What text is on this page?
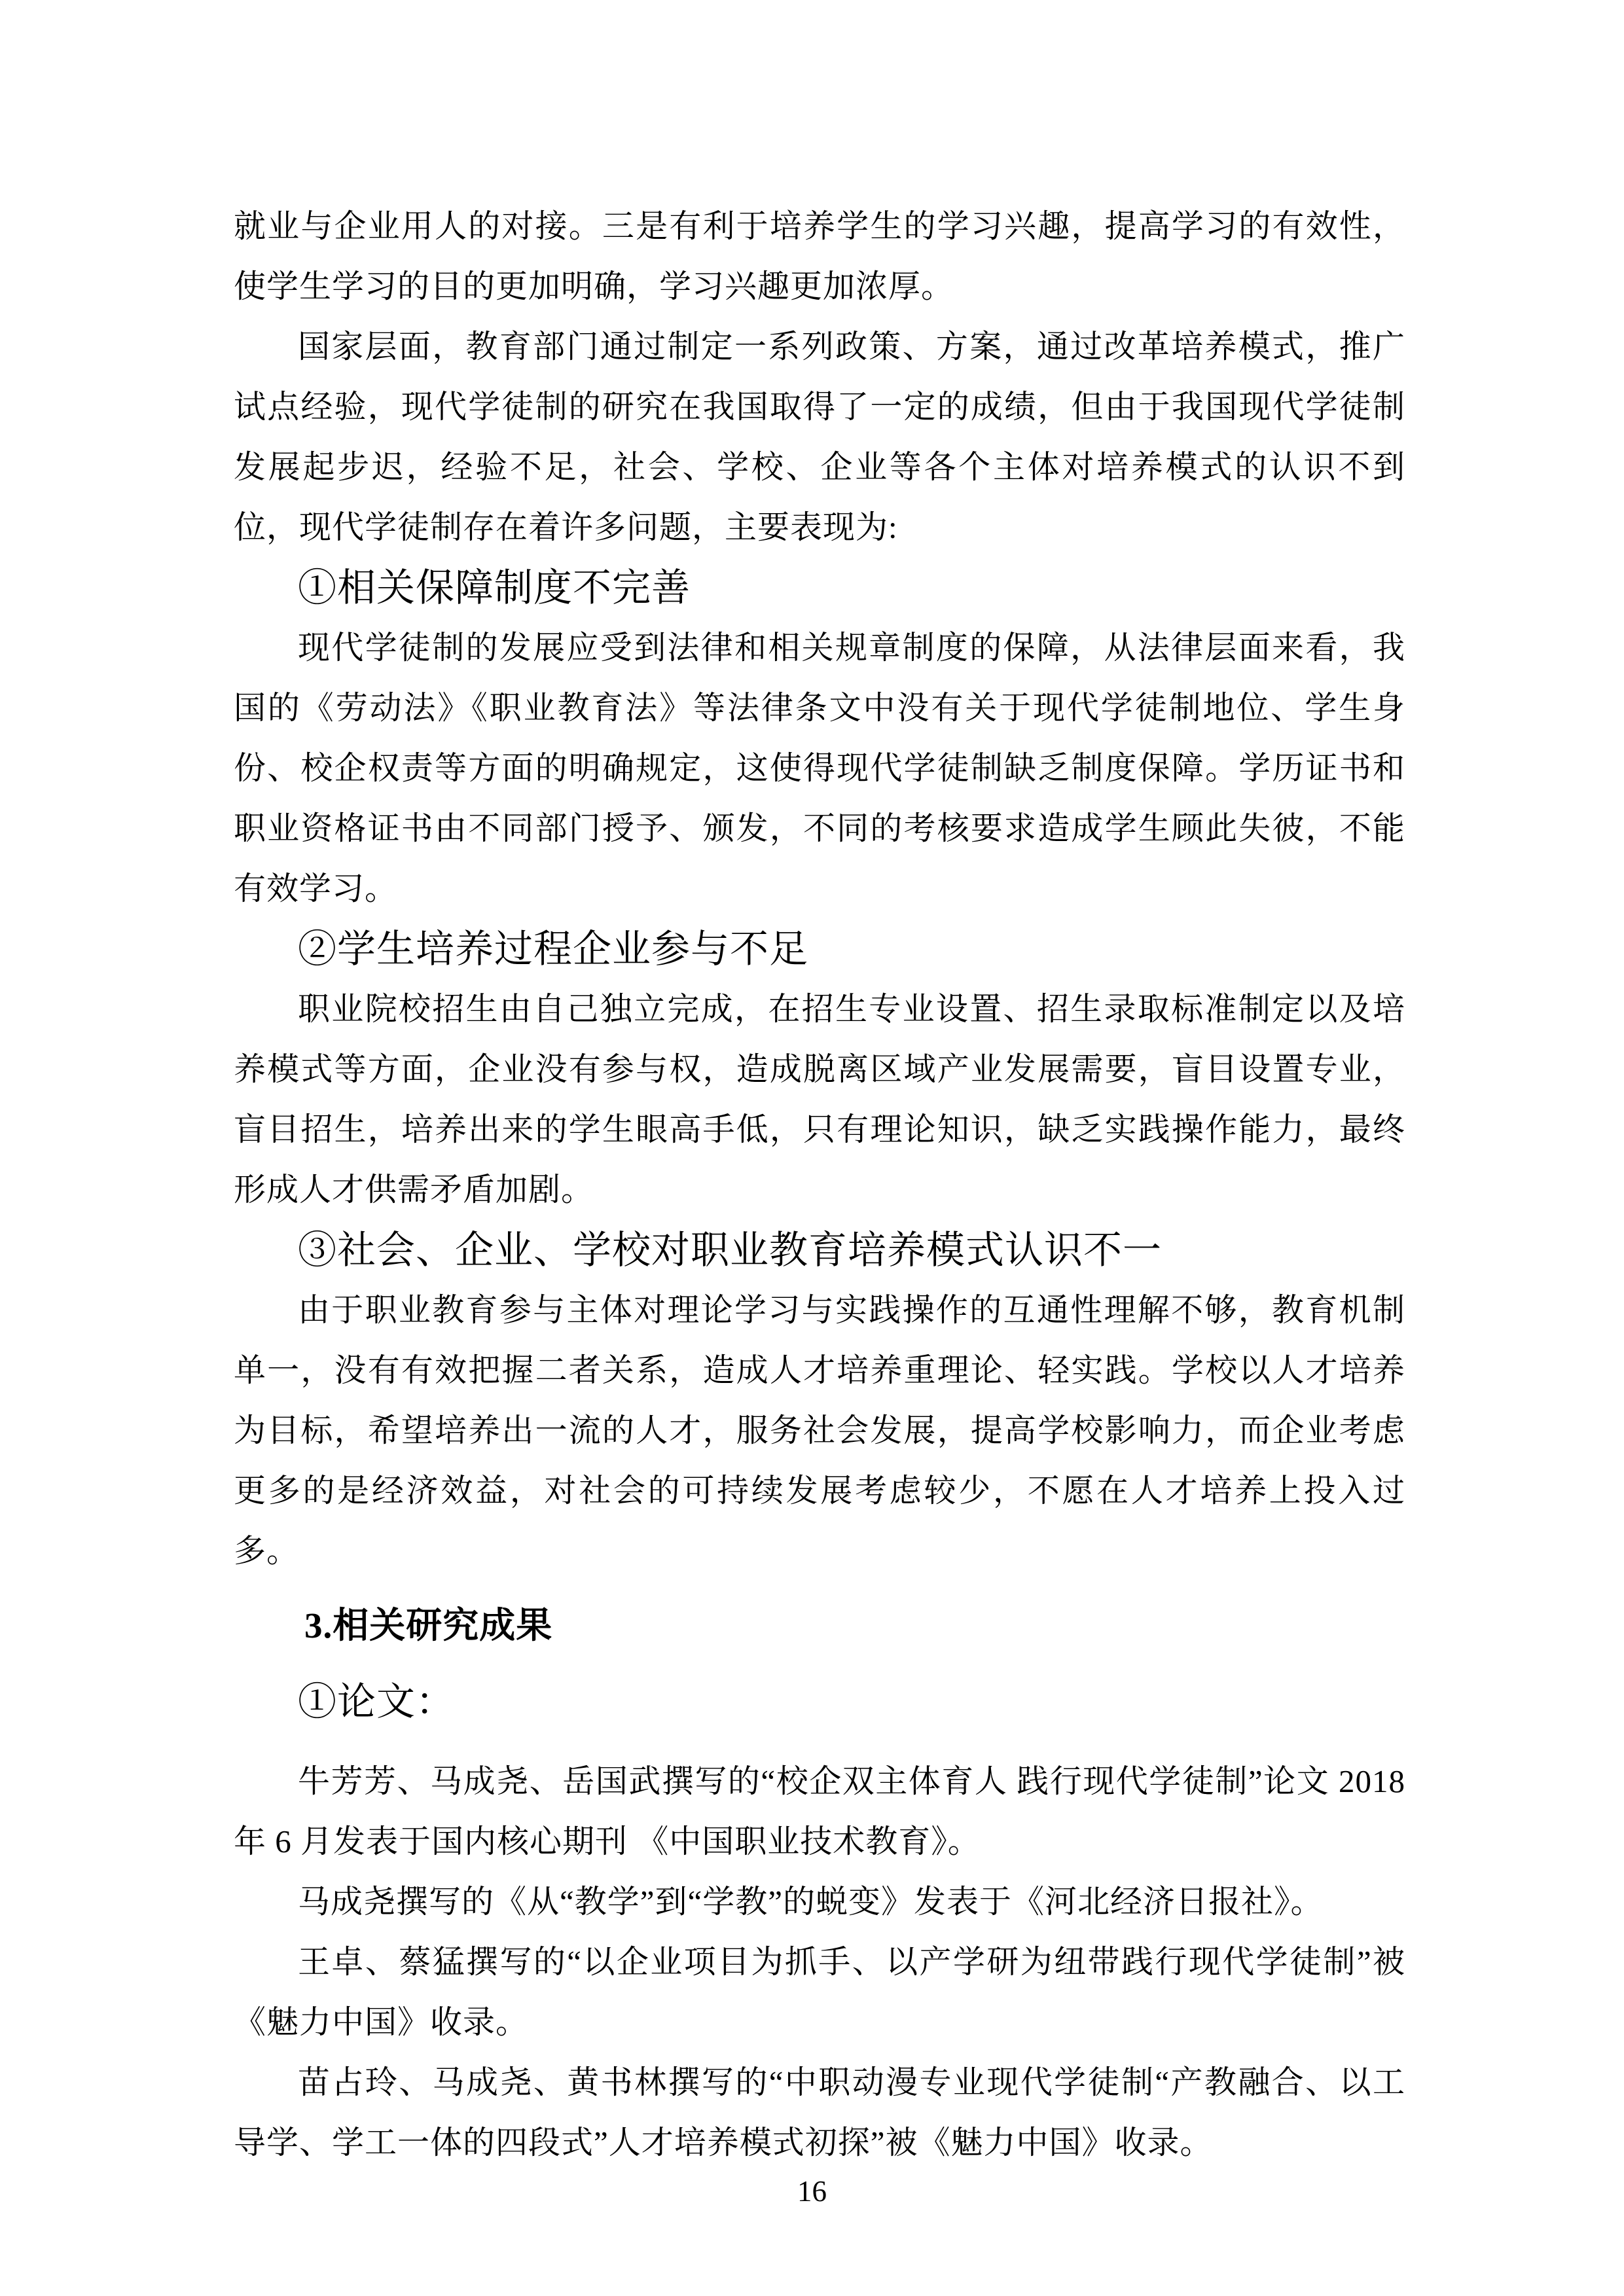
就业与企业用人的对接。三是有利于培养学生的学习兴趣，提高学习的有效性，使学生学习的目的更加明确，学习兴趣更加浓厚。

国家层面，教育部门通过制定一系列政策、方案，通过改革培养模式，推广试点经验，现代学徒制的研究在我国取得了一定的成绩，但由于我国现代学徒制发展起步迟，经验不足，社会、学校、企业等各个主体对培养模式的认识不到位，现代学徒制存在着许多问题，主要表现为:

①相关保障制度不完善

现代学徒制的发展应受到法律和相关规章制度的保障，从法律层面来看，我国的《劳动法》《职业教育法》等法律条文中没有关于现代学徒制地位、学生身份、校企权责等方面的明确规定，这使得现代学徒制缺乏制度保障。学历证书和职业资格证书由不同部门授予、颁发，不同的考核要求造成学生顾此失彼，不能有效学习。

②学生培养过程企业参与不足

职业院校招生由自己独立完成，在招生专业设置、招生录取标准制定以及培养模式等方面，企业没有参与权，造成脱离区域产业发展需要，盲目设置专业，盲目招生，培养出来的学生眼高手低，只有理论知识，缺乏实践操作能力，最终形成人才供需矛盾加剧。

③社会、企业、学校对职业教育培养模式认识不一

由于职业教育参与主体对理论学习与实践操作的互通性理解不够，教育机制单一，没有有效把握二者关系，造成人才培养重理论、轻实践。学校以人才培养为目标，希望培养出一流的人才，服务社会发展，提高学校影响力，而企业考虑更多的是经济效益，对社会的可持续发展考虑较少，不愿在人才培养上投入过多。

3.相关研究成果

①论文：

牛芳芳、马成尧、岳国武撰写的“校企双主体育人 践行现代学徒制”论文 2018 年 6 月发表于国内核心期刊 《中国职业技术教育》。

马成尧撰写的《从“教学”到“学教”的蜕变》发表于《河北经济日报社》。

王卓、蔡猛撰写的“以企业项目为抓手、以产学研为纽带践行现代学徒制”被《魅力中国》收录。

苗占玲、马成尧、黄书林撰写的“中职动漫专业现代学徒制“产教融合、以工导学、学工一体的四段式”人才培养模式初探”被《魅力中国》收录。

16
